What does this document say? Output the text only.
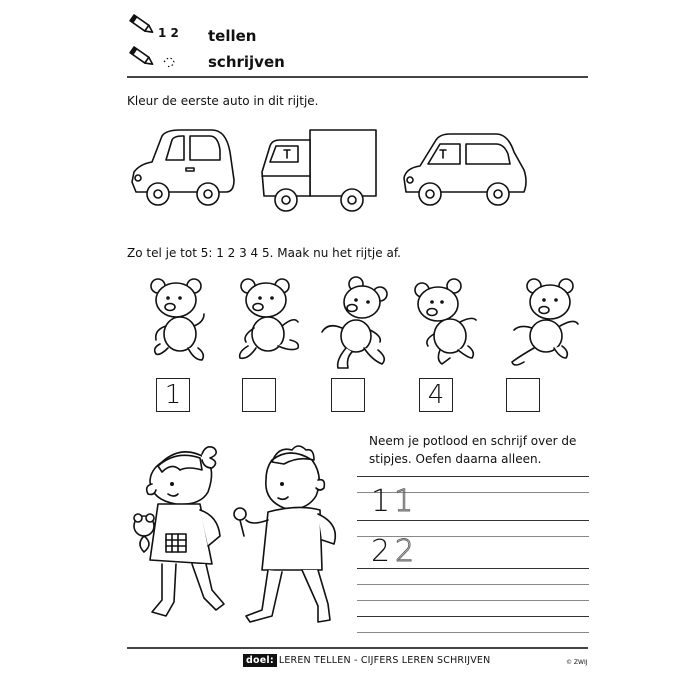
1 2 tellen
schrijven
Kleur de eerste auto in dit rijtje.
Zo tel je tot 5: 1 2 3 4 5. Maak nu het rijtje af.
1	4
Neem je potlood en schrijf over de
stipjes. Oefen daarna alleen.
1 1
2 2
doel: LEREN TELLEN - CIJFERS LEREN SCHRIJVEN	© ZWIJ
